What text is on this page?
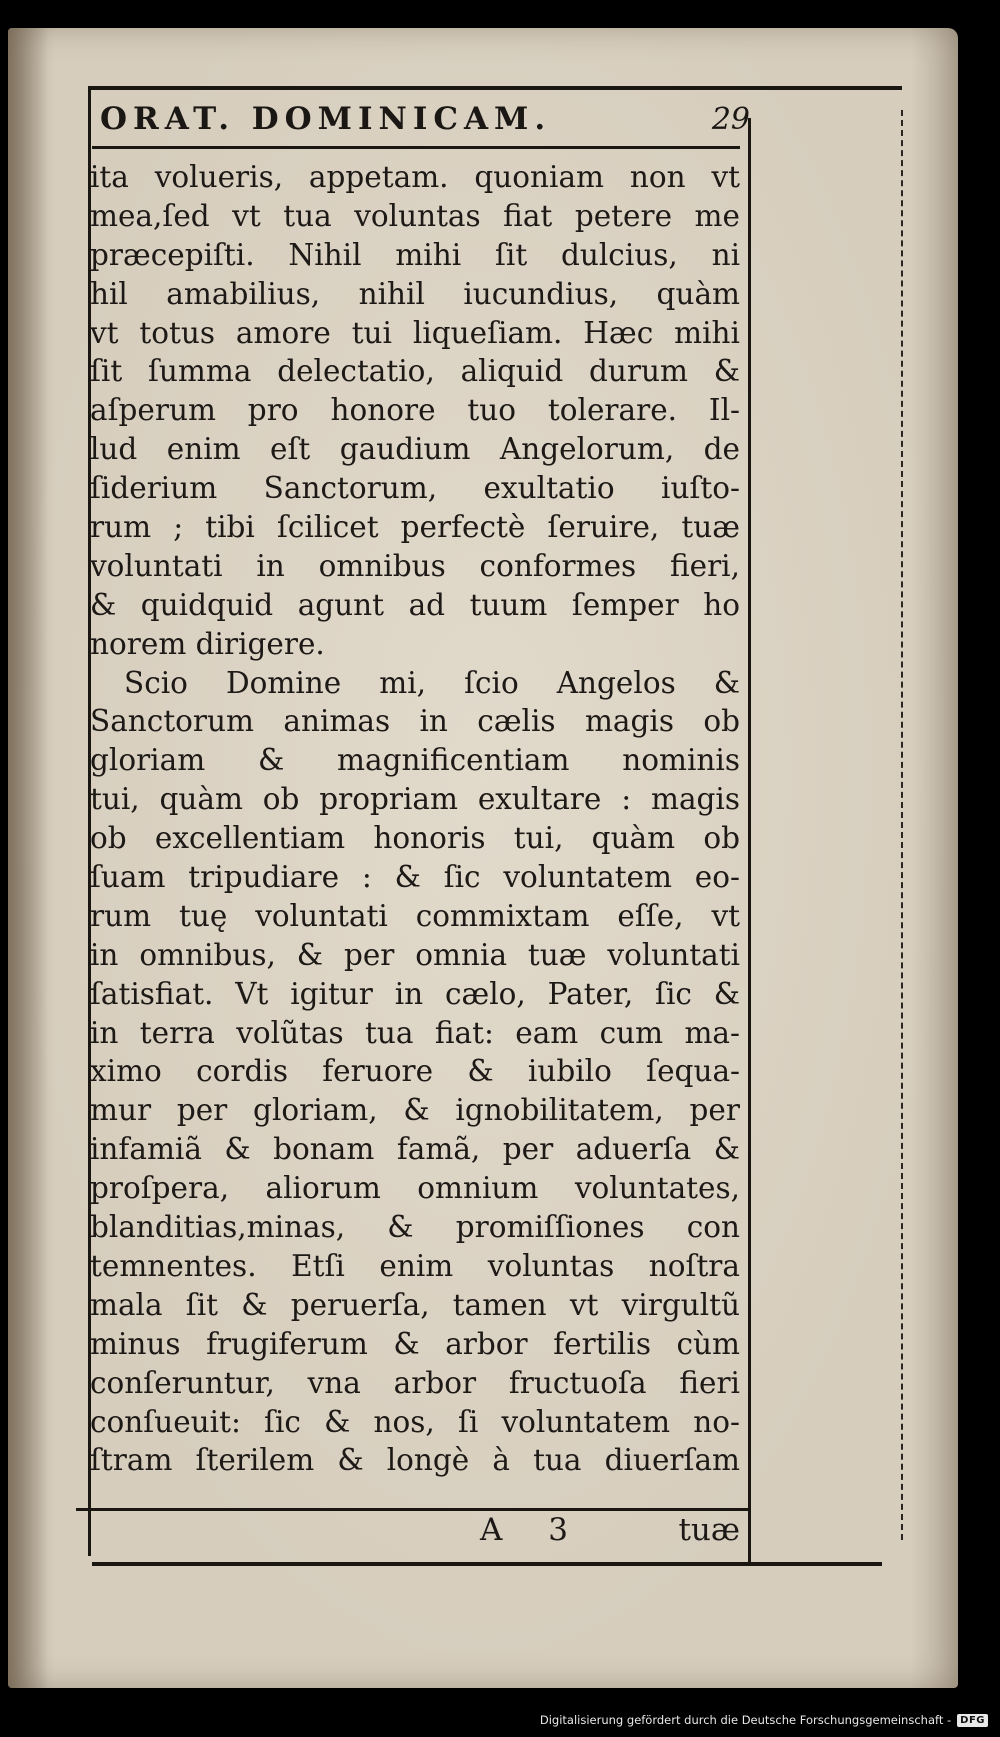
ORAT. DOMINICAM.	29
ita volueris, appetam. quoniam non vt
mea,ſed vt tua voluntas fiat petere me
præcepiſti. Nihil mihi ſit dulcius, ni
hil amabilius, nihil iucundius, quàm
vt totus amore tui liqueſiam. Hæc mihi
ſit ſumma delectatio, aliquid durum &
aſperum pro honore tuo tolerare. Il-
lud enim eſt gaudium Angelorum, de
ſiderium Sanctorum, exultatio iuſto-
rum ; tibi ſcilicet perfectè ſeruire, tuæ
voluntati in omnibus conformes fieri,
& quidquid agunt ad tuum ſemper ho
norem dirigere.
Scio Domine mi, ſcio Angelos &
Sanctorum animas in cælis magis ob
gloriam & magnificentiam nominis
tui, quàm ob propriam exultare : magis
ob excellentiam honoris tui, quàm ob
ſuam tripudiare : & ſic voluntatem eo-
rum tuę voluntati commixtam eſſe, vt
in omnibus, & per omnia tuæ voluntati
ſatisfiat. Vt igitur in cælo, Pater, ſic &
in terra volũtas tua fiat: eam cum ma-
ximo cordis feruore & iubilo ſequa-
mur per gloriam, & ignobilitatem, per
infamiã & bonam famã, per aduerſa &
proſpera, aliorum omnium voluntates,
blanditias,minas, & promiſſiones con
temnentes. Etſi enim voluntas noſtra
mala ſit & peruerſa, tamen vt virgultũ
minus frugiferum & arbor fertilis cùm
conſeruntur, vna arbor fructuoſa fieri
conſueuit: ſic & nos, ſi voluntatem no-
ſtram ſterilem & longè à tua diuerſam
A 3	tuæ
Digitalisierung gefördert durch die Deutsche Forschungsgemeinschaft - DFG
